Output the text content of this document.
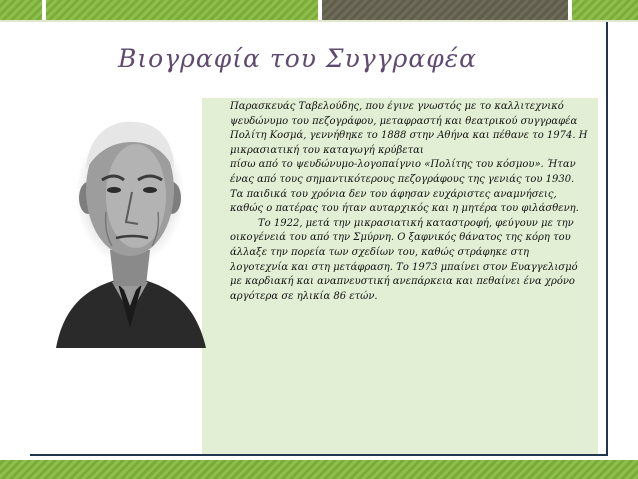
Βιογραφία του Συγγραφέα

Παρασκευάς Ταβελούδης, που έγινε γνωστός με το καλλιτεχνικό ψευδώνυμο του πεζογράφου, μεταφραστή και θεατρικού συγγραφέα Πολίτη Κοσμά, γεννήθηκε το 1888 στην Αθήνα και πέθανε το 1974. Η μικρασιατική του καταγωγή κρύβεται

πίσω από το ψευδώνυμο-λογοπαίγνιο «Πολίτης του κόσμου». Ήταν ένας από τους σημαντικότερους πεζογράφους της γενιάς του 1930. Τα παιδικά του χρόνια δεν του άφησαν ευχάριστες αναμνήσεις, καθώς ο πατέρας του ήταν αυταρχικός και η μητέρα του φιλάσθενη.

Το 1922, μετά την μικρασιατική καταστροφή, φεύγουν με την οικογένειά του από την Σμύρνη. Ο ξαφνικός θάνατος της κόρη του άλλαξε την πορεία των σχεδίων του, καθώς στράφηκε στη λογοτεχνία και στη μετάφραση. Το 1973 μπαίνει στον Ευαγγελισμό με καρδιακή και αναπνευστική ανεπάρκεια και πεθαίνει ένα χρόνο αργότερα σε ηλικία 86 ετών.
